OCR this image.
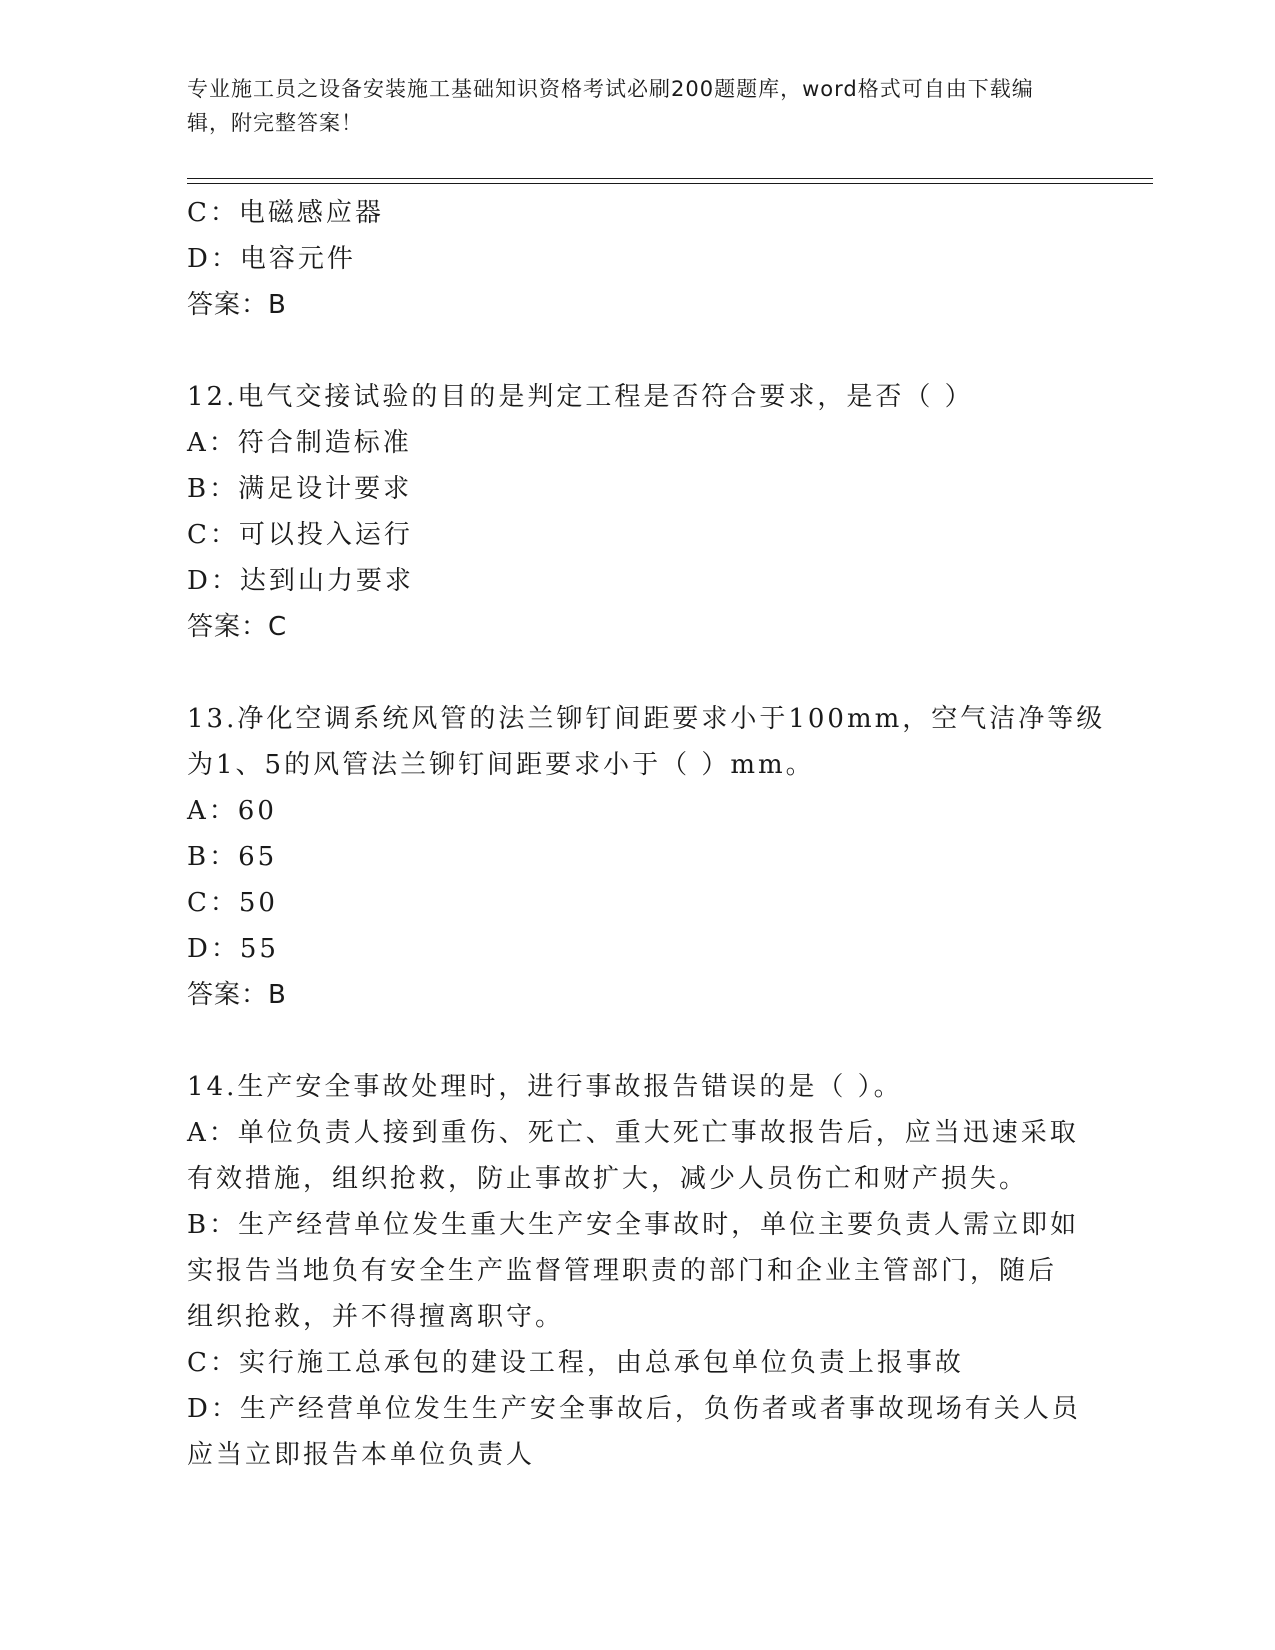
专业施工员之设备安装施工基础知识资格考试必刷200题题库，word格式可自由下载编辑，附完整答案！

C：电磁感应器
D：电容元件
答案：B
12.电气交接试验的目的是判定工程是否符合要求，是否（ ）
A：符合制造标准
B：满足设计要求
C：可以投入运行
D：达到山力要求
答案：C
13.净化空调系统风管的法兰铆钉间距要求小于100mm，空气洁净等级
为1、5的风管法兰铆钉间距要求小于（ ）mm。
A：60
B：65
C：50
D：55
答案：B
14.生产安全事故处理时，进行事故报告错误的是（ ）。
A：单位负责人接到重伤、死亡、重大死亡事故报告后，应当迅速采取
有效措施，组织抢救，防止事故扩大，减少人员伤亡和财产损失。
B：生产经营单位发生重大生产安全事故时，单位主要负责人需立即如
实报告当地负有安全生产监督管理职责的部门和企业主管部门，随后
组织抢救，并不得擅离职守。
C：实行施工总承包的建设工程，由总承包单位负责上报事故
D：生产经营单位发生生产安全事故后，负伤者或者事故现场有关人员
应当立即报告本单位负责人
